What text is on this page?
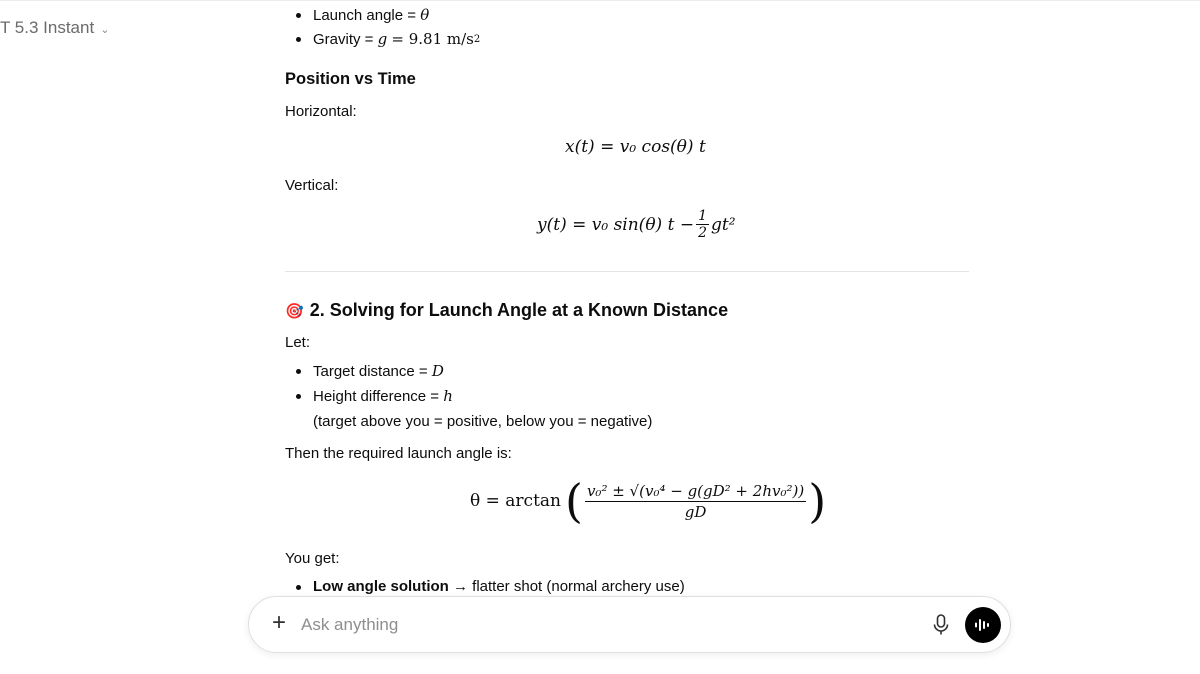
T 5.3 Instant ⌄
Launch angle =
θ
Gravity =
g
= 9.81 m/s 2
Position vs Time
Horizontal:
x(t) = v₀ cos(θ) t
Vertical:
y(t) = v₀ sin(θ) $t - \frac{1}{2} gt^2$
🎯 2. Solving for Launch Angle at a Known Distance
Let:
Target distance =
D
Height difference =
h
(target above you = positive, below you = negative)
Then the required launch angle is:
θ = arctan ( $\frac{\text{v₀² ± √(v₀⁴ − g(gD² + 2hv₀²))}}{gD}$ )
You get:
Low angle solution → flatter shot (normal archery use)
+
Ask anything
